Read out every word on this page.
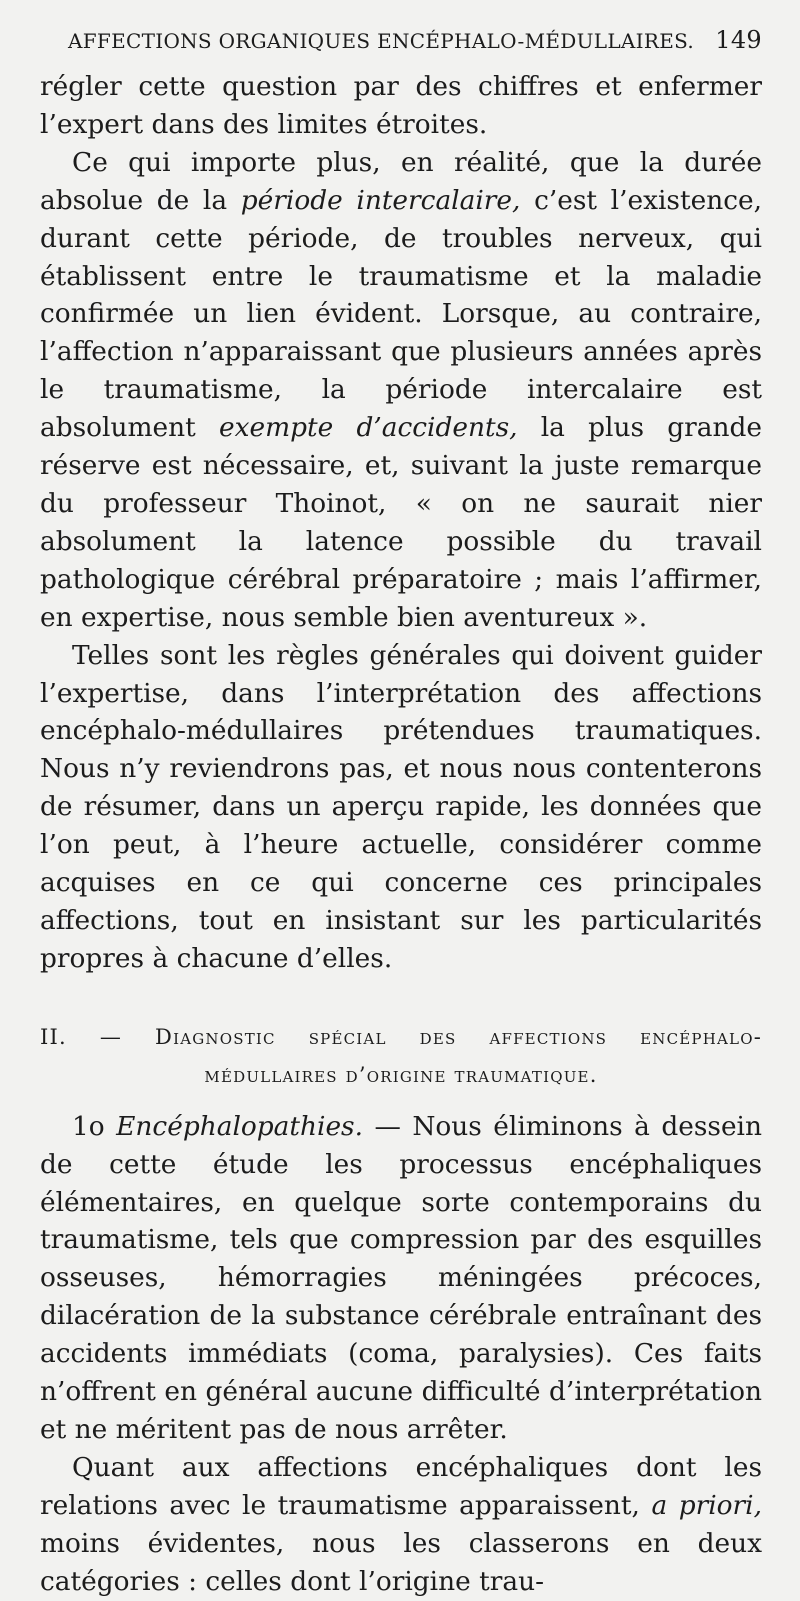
AFFECTIONS ORGANIQUES ENCÉPHALO-MÉDULLAIRES. 149

régler cette question par des chiffres et enfermer l’expert dans des limites étroites.

Ce qui importe plus, en réalité, que la durée absolue de la période intercalaire, c’est l’existence, durant cette période, de troubles nerveux, qui établissent entre le traumatisme et la maladie confirmée un lien évident. Lorsque, au contraire, l’affection n’apparaissant que plusieurs années après le traumatisme, la période intercalaire est absolument exempte d’accidents, la plus grande réserve est nécessaire, et, suivant la juste remarque du professeur Thoinot, « on ne saurait nier absolument la latence possible du travail pathologique cérébral préparatoire ; mais l’affirmer, en expertise, nous semble bien aventureux ».

Telles sont les règles générales qui doivent guider l’expertise, dans l’interprétation des affections encéphalo-médullaires prétendues traumatiques. Nous n’y reviendrons pas, et nous nous contenterons de résumer, dans un aperçu rapide, les données que l’on peut, à l’heure actuelle, considérer comme acquises en ce qui concerne ces principales affections, tout en insistant sur les particularités propres à chacune d’elles.

II. — Diagnostic spécial des affections encéphalo-
médullaires d’origine traumatique.

1o Encéphalopathies. — Nous éliminons à dessein de cette étude les processus encéphaliques élémentaires, en quelque sorte contemporains du traumatisme, tels que compression par des esquilles osseuses, hémorragies méningées précoces, dilacération de la substance cérébrale entraînant des accidents immédiats (coma, paralysies). Ces faits n’offrent en général aucune difficulté d’interprétation et ne méritent pas de nous arrêter.

Quant aux affections encéphaliques dont les relations avec le traumatisme apparaissent, a priori, moins évidentes, nous les classerons en deux catégories : celles dont l’origine trau-
